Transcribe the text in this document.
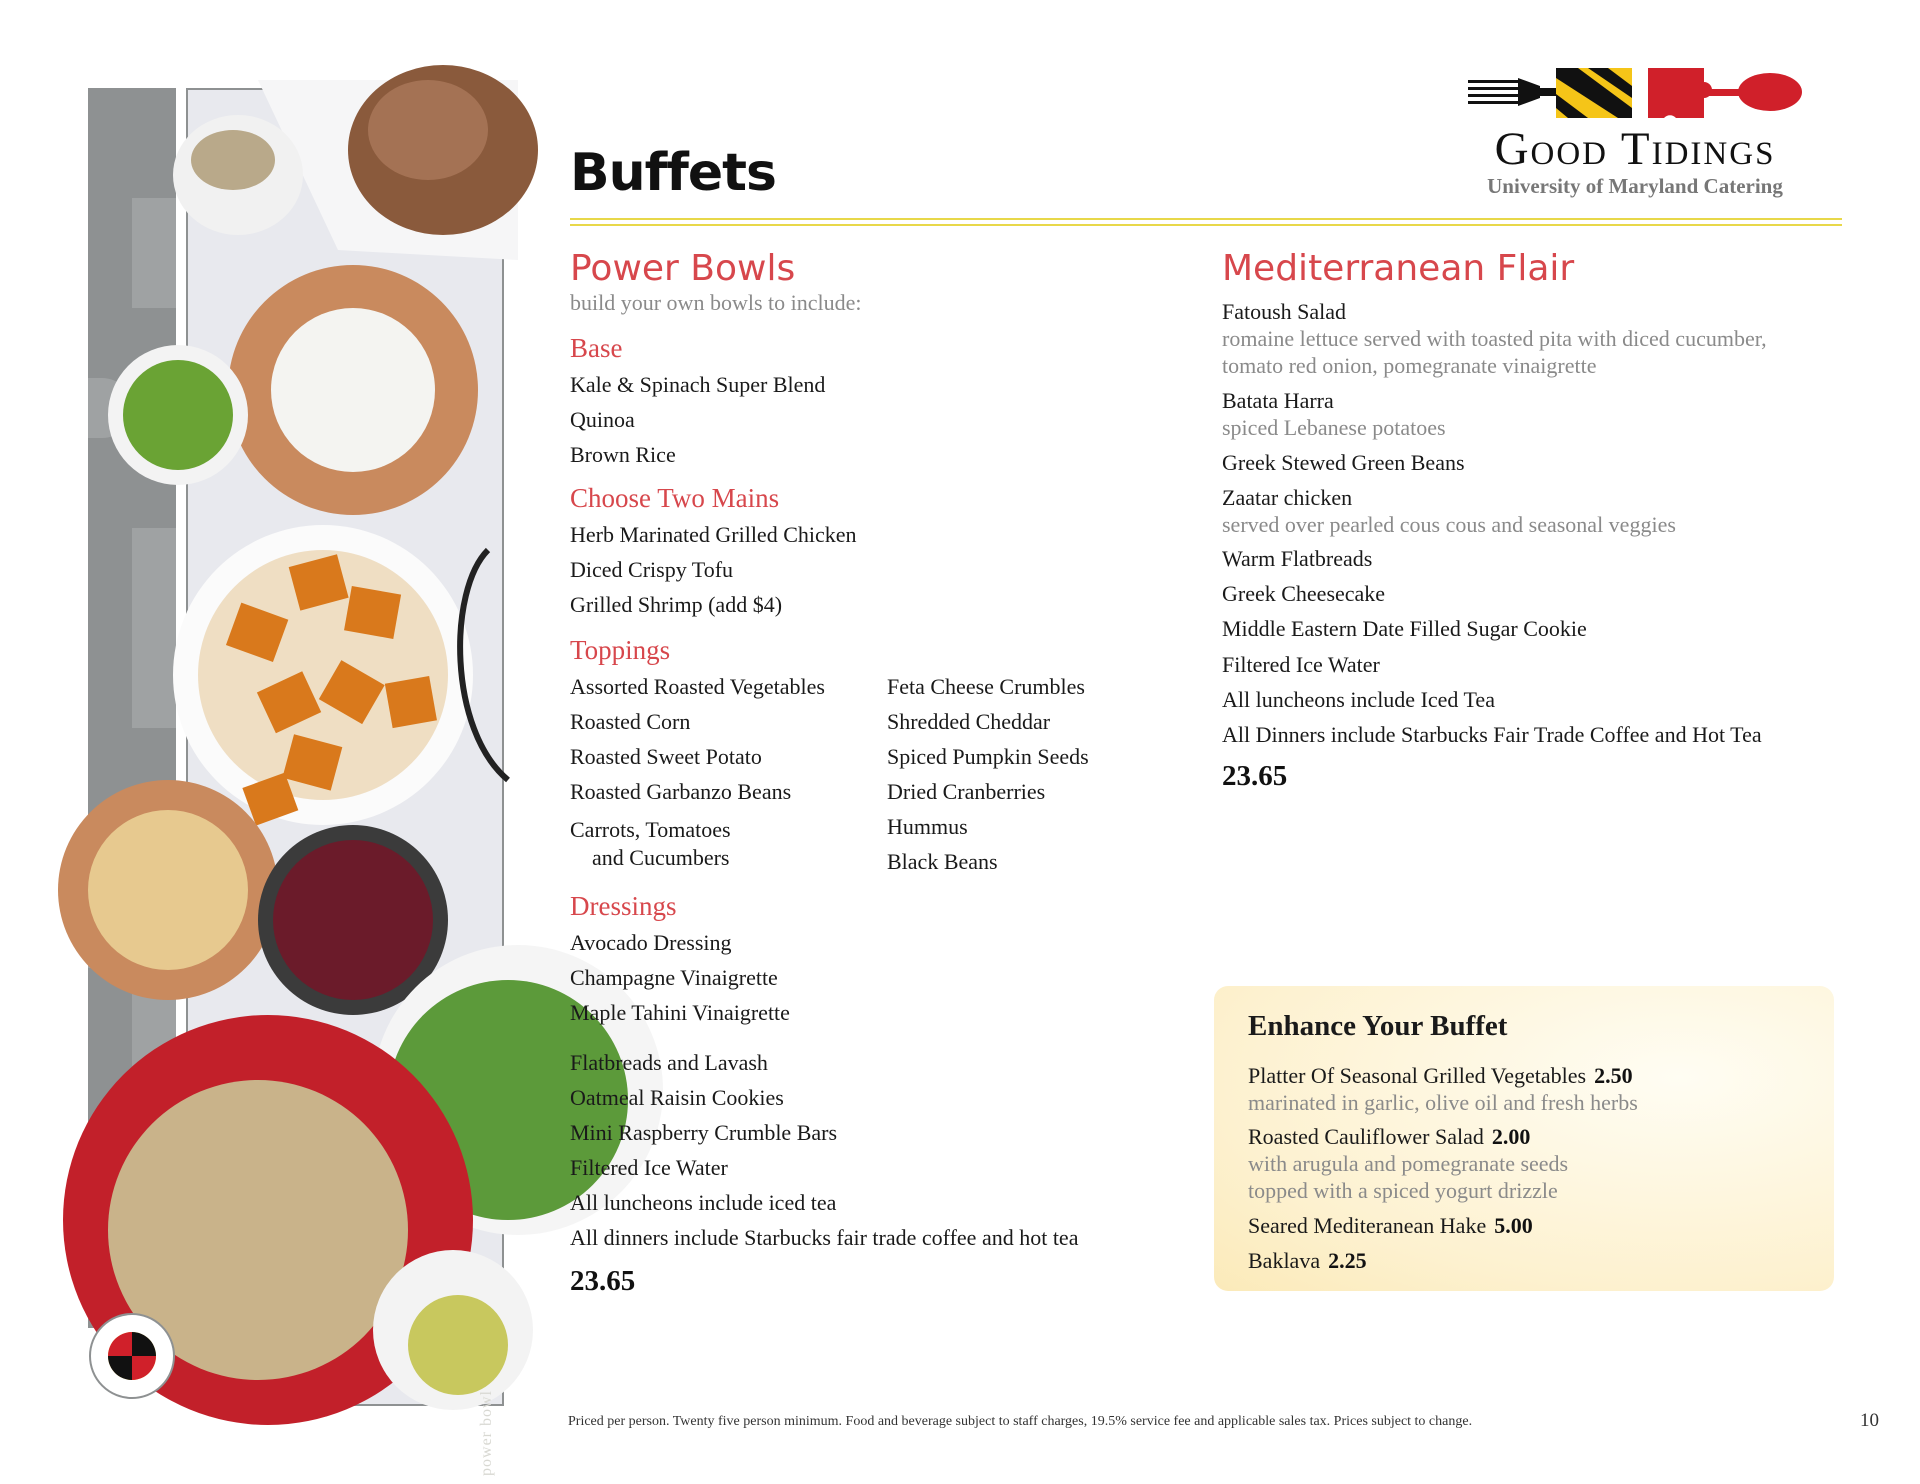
power bowl
Buffets	Good Tidings
University of Maryland Catering
Power Bowls
build your own bowls to include:
Base
Kale & Spinach Super Blend
Quinoa
Brown Rice
Choose Two Mains
Herb Marinated Grilled Chicken
Diced Crispy Tofu
Grilled Shrimp (add $4)
Toppings
Assorted Roasted Vegetables
Roasted Corn
Roasted Sweet Potato
Roasted Garbanzo Beans
Carrots, Tomatoes
and Cucumbers
Feta Cheese Crumbles
Shredded Cheddar
Spiced Pumpkin Seeds
Dried Cranberries
Hummus
Black Beans
Dressings
Avocado Dressing
Champagne Vinaigrette
Maple Tahini Vinaigrette
Flatbreads and Lavash
Oatmeal Raisin Cookies
Mini Raspberry Crumble Bars
Filtered Ice Water
All luncheons include iced tea
All dinners include Starbucks fair trade coffee and hot tea
23.65
Mediterranean Flair
Fatoush Salad
romaine lettuce served with toasted pita with diced cucumber,
tomato red onion, pomegranate vinaigrette
Batata Harra
spiced Lebanese potatoes
Greek Stewed Green Beans
Zaatar chicken
served over pearled cous cous and seasonal veggies
Warm Flatbreads
Greek Cheesecake
Middle Eastern Date Filled Sugar Cookie
Filtered Ice Water
All luncheons include Iced Tea
All Dinners include Starbucks Fair Trade Coffee and Hot Tea
23.65
Enhance Your Buffet
Platter Of Seasonal Grilled Vegetables 2.50
marinated in garlic, olive oil and fresh herbs
Roasted Cauliflower Salad 2.00
with arugula and pomegranate seeds
topped with a spiced yogurt drizzle
Seared Mediteranean Hake 5.00
Baklava 2.25
Priced per person. Twenty five person minimum. Food and beverage subject to staff charges, 19.5% service fee and applicable sales tax. Prices subject to change.	10
